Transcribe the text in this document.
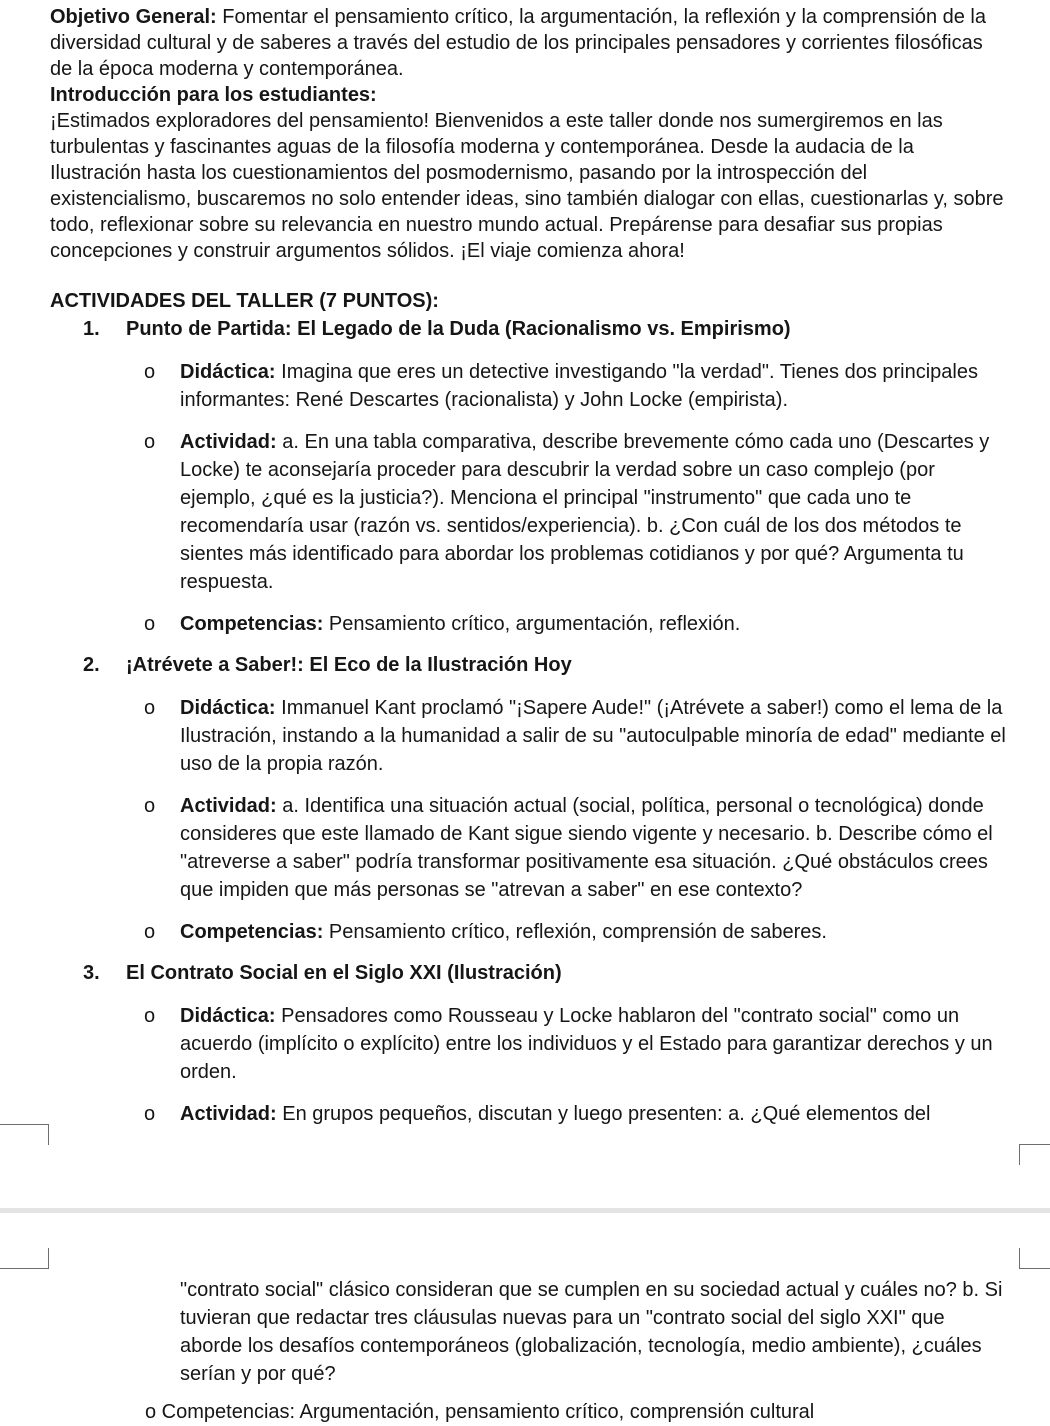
Objetivo General: Fomentar el pensamiento crítico, la argumentación, la reflexión y la comprensión de la diversidad cultural y de saberes a través del estudio de los principales pensadores y corrientes filosóficas de la época moderna y contemporánea.

Introducción para los estudiantes:

¡Estimados exploradores del pensamiento! Bienvenidos a este taller donde nos sumergiremos en las turbulentas y fascinantes aguas de la filosofía moderna y contemporánea. Desde la audacia de la Ilustración hasta los cuestionamientos del posmodernismo, pasando por la introspección del existencialismo, buscaremos no solo entender ideas, sino también dialogar con ellas, cuestionarlas y, sobre todo, reflexionar sobre su relevancia en nuestro mundo actual. Prepárense para desafiar sus propias concepciones y construir argumentos sólidos. ¡El viaje comienza ahora!

ACTIVIDADES DEL TALLER (7 PUNTOS):

1. Punto de Partida: El Legado de la Duda (Racionalismo vs. Empirismo)

o Didáctica: Imagina que eres un detective investigando "la verdad". Tienes dos principales informantes: René Descartes (racionalista) y John Locke (empirista).

o Actividad: a. En una tabla comparativa, describe brevemente cómo cada uno (Descartes y Locke) te aconsejaría proceder para descubrir la verdad sobre un caso complejo (por ejemplo, ¿qué es la justicia?). Menciona el principal "instrumento" que cada uno te recomendaría usar (razón vs. sentidos/experiencia). b. ¿Con cuál de los dos métodos te sientes más identificado para abordar los problemas cotidianos y por qué? Argumenta tu respuesta.

o Competencias: Pensamiento crítico, argumentación, reflexión.

2. ¡Atrévete a Saber!: El Eco de la Ilustración Hoy

o Didáctica: Immanuel Kant proclamó "¡Sapere Aude!" (¡Atrévete a saber!) como el lema de la Ilustración, instando a la humanidad a salir de su "autoculpable minoría de edad" mediante el uso de la propia razón.

o Actividad: a. Identifica una situación actual (social, política, personal o tecnológica) donde consideres que este llamado de Kant sigue siendo vigente y necesario. b. Describe cómo el "atreverse a saber" podría transformar positivamente esa situación. ¿Qué obstáculos crees que impiden que más personas se "atrevan a saber" en ese contexto?

o Competencias: Pensamiento crítico, reflexión, comprensión de saberes.

3. El Contrato Social en el Siglo XXI (Ilustración)

o Didáctica: Pensadores como Rousseau y Locke hablaron del "contrato social" como un acuerdo (implícito o explícito) entre los individuos y el Estado para garantizar derechos y un orden.

o Actividad: En grupos pequeños, discutan y luego presenten: a. ¿Qué elementos del

"contrato social" clásico consideran que se cumplen en su sociedad actual y cuáles no? b. Si tuvieran que redactar tres cláusulas nuevas para un "contrato social del siglo XXI" que aborde los desafíos contemporáneos (globalización, tecnología, medio ambiente), ¿cuáles serían y por qué?

o Competencias: Argumentación, pensamiento crítico, comprensión cultural
